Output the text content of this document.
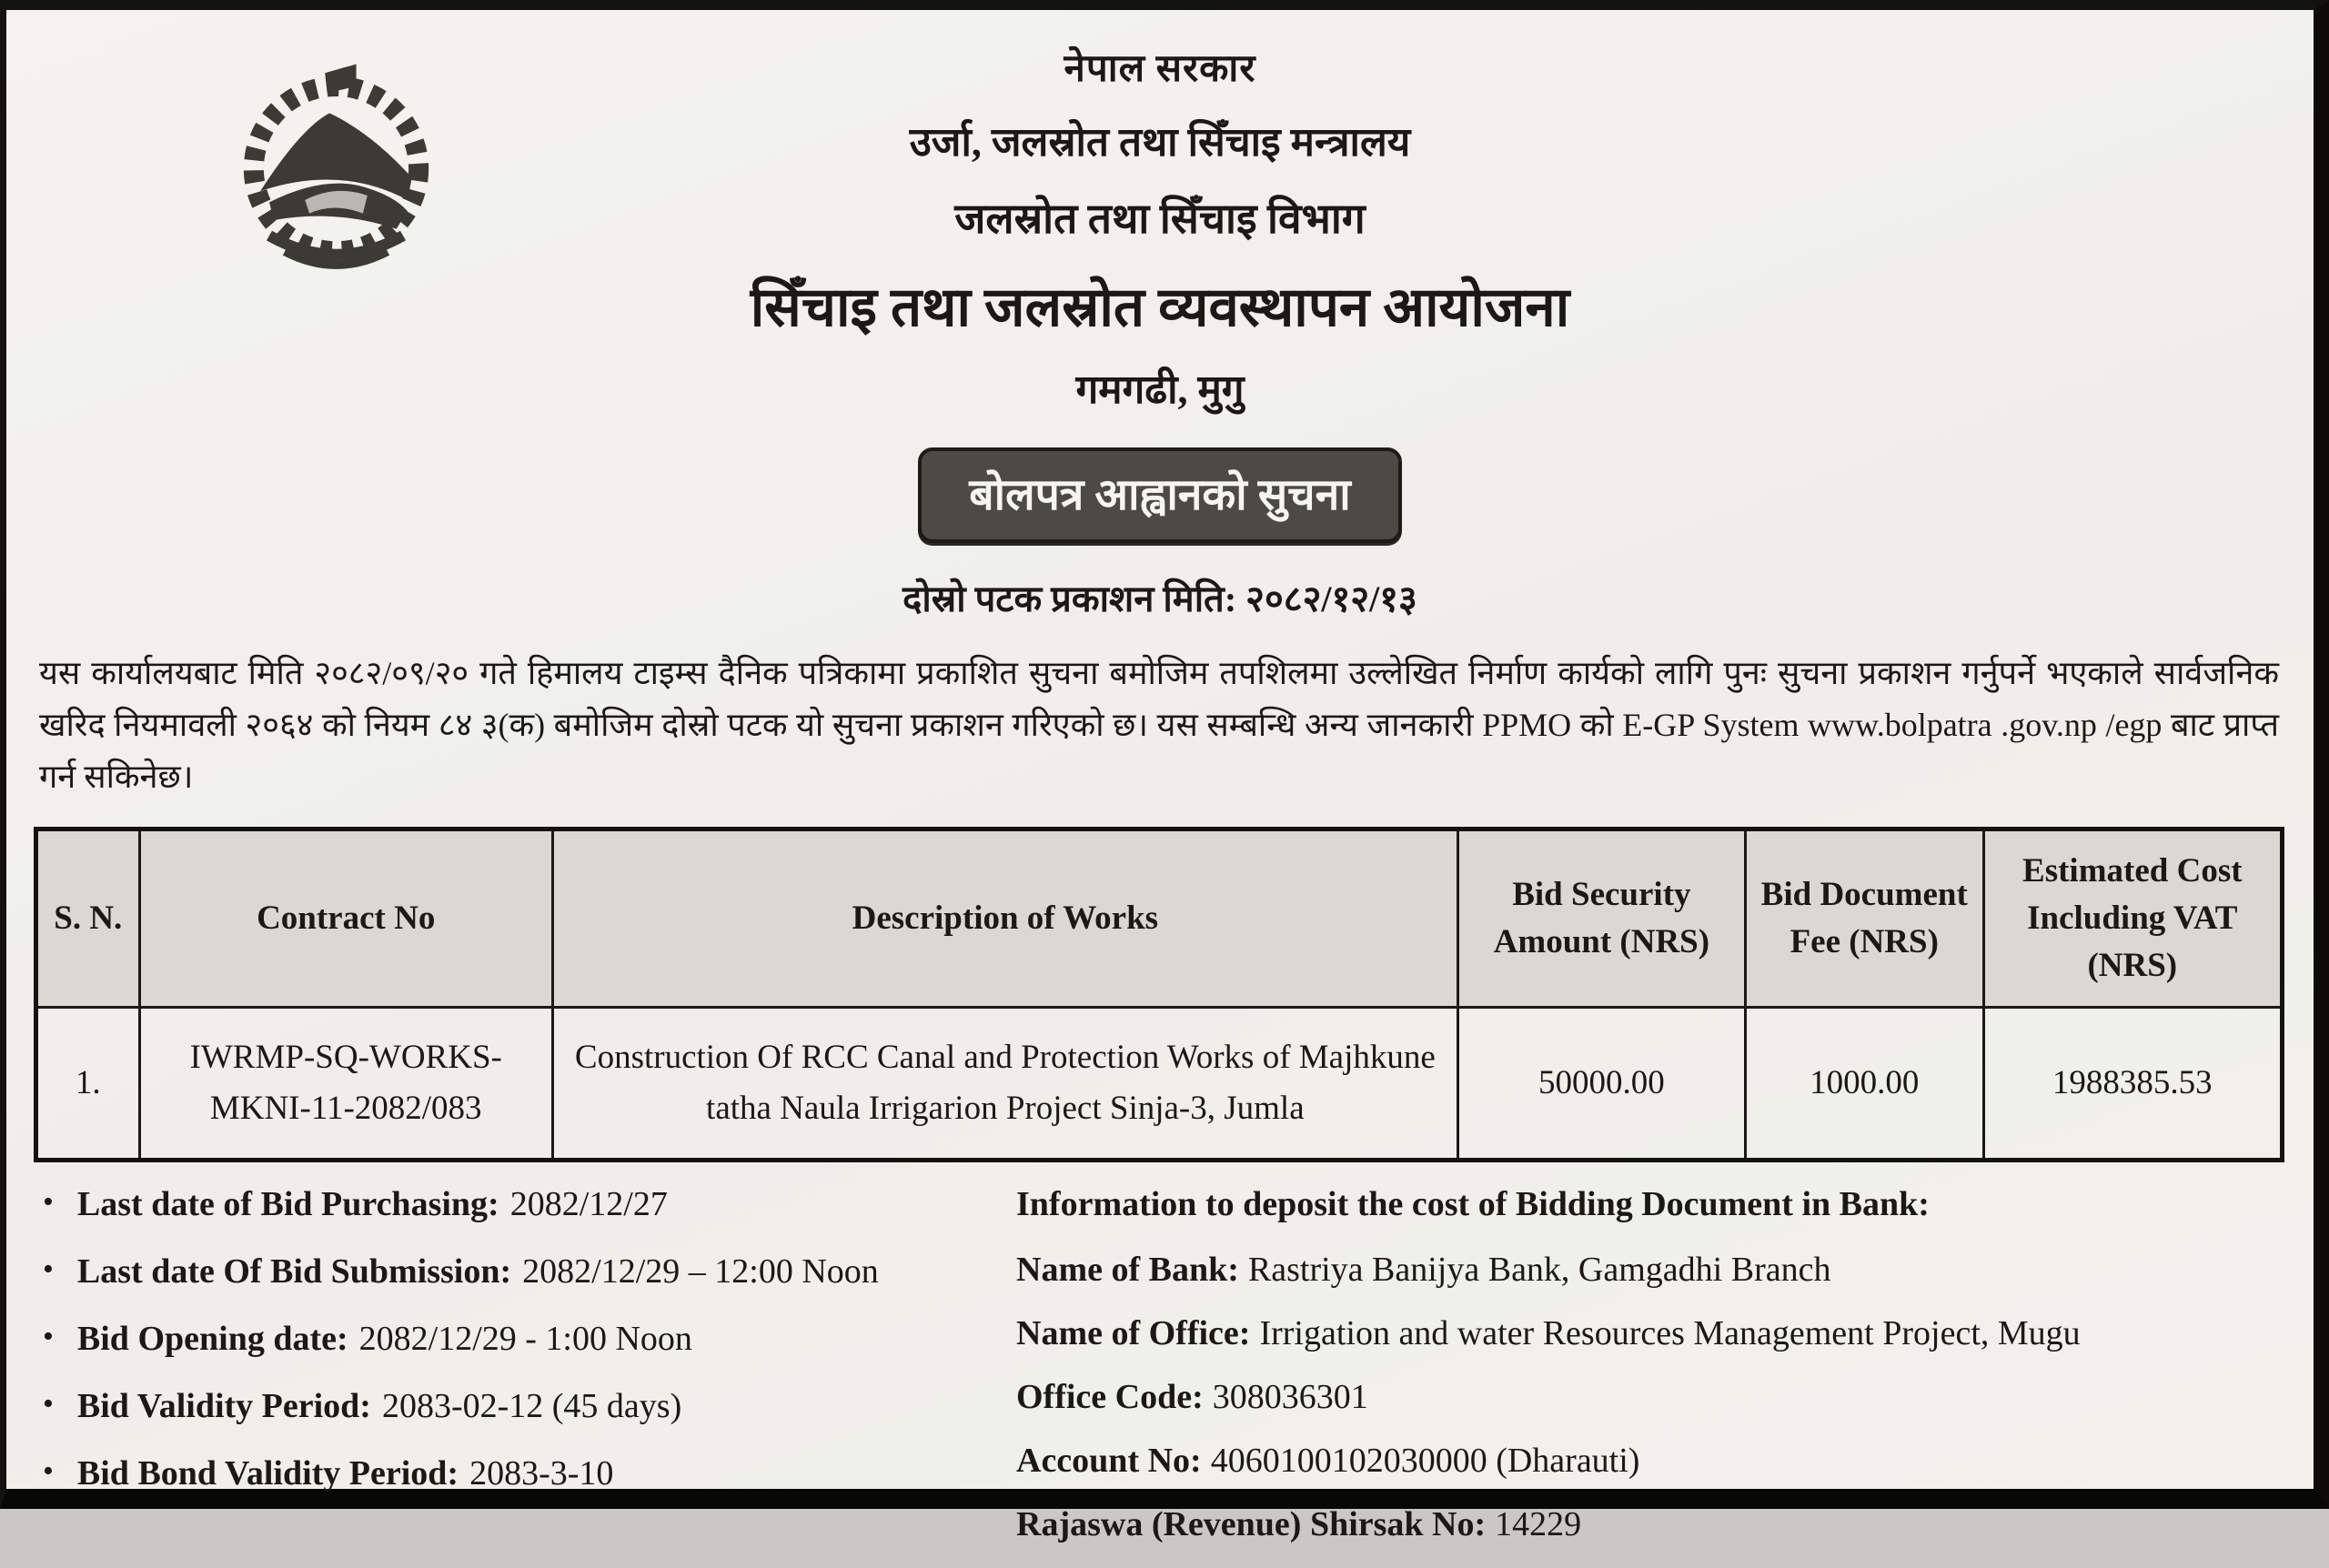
नेपाल सरकार
उर्जा, जलस्रोत तथा सिँचाइ मन्त्रालय
जलस्रोत तथा सिँचाइ विभाग
सिँचाइ तथा जलस्रोत व्यवस्थापन आयोजना
गमगढी, मुगु
बोलपत्र आह्वानको सुचना
दोस्रो पटक प्रकाशन मिति: २०८२/१२/१३
यस कार्यालयबाट मिति २०८२/०९/२० गते हिमालय टाइम्स दैनिक पत्रिकामा प्रकाशित सुचना बमोजिम तपशिलमा उल्लेखित निर्माण कार्यको लागि पुनः सुचना प्रकाशन गर्नुपर्ने भएकाले सार्वजनिक खरिद नियमावली २०६४ को नियम ८४ ३(क) बमोजिम दोस्रो पटक यो सुचना प्रकाशन गरिएको छ। यस सम्बन्धि अन्य जानकारी PPMO को E-GP System www.bolpatra .gov.np /egp बाट प्राप्त गर्न सकिनेछ।
S. N.	Contract No	Description of Works	Bid Security Amount (NRS)	Bid Document Fee (NRS)	Estimated Cost Including VAT (NRS)
1.	IWRMP-SQ-WORKS-MKNI-11-2082/083	Construction Of RCC Canal and Protection Works of Majhkune tatha Naula Irrigarion Project Sinja-3, Jumla	50000.00	1000.00	1988385.53
• Last date of Bid Purchasing: 2082/12/27
• Last date Of Bid Submission: 2082/12/29 – 12:00 Noon
• Bid Opening date: 2082/12/29 - 1:00 Noon
• Bid Validity Period: 2083-02-12 (45 days)
• Bid Bond Validity Period: 2083-3-10
Information to deposit the cost of Bidding Document in Bank:
Name of Bank: Rastriya Banijya Bank, Gamgadhi Branch
Name of Office: Irrigation and water Resources Management Project, Mugu
Office Code: 308036301
Account No: 4060100102030000 (Dharauti)
Rajaswa (Revenue) Shirsak No: 14229
